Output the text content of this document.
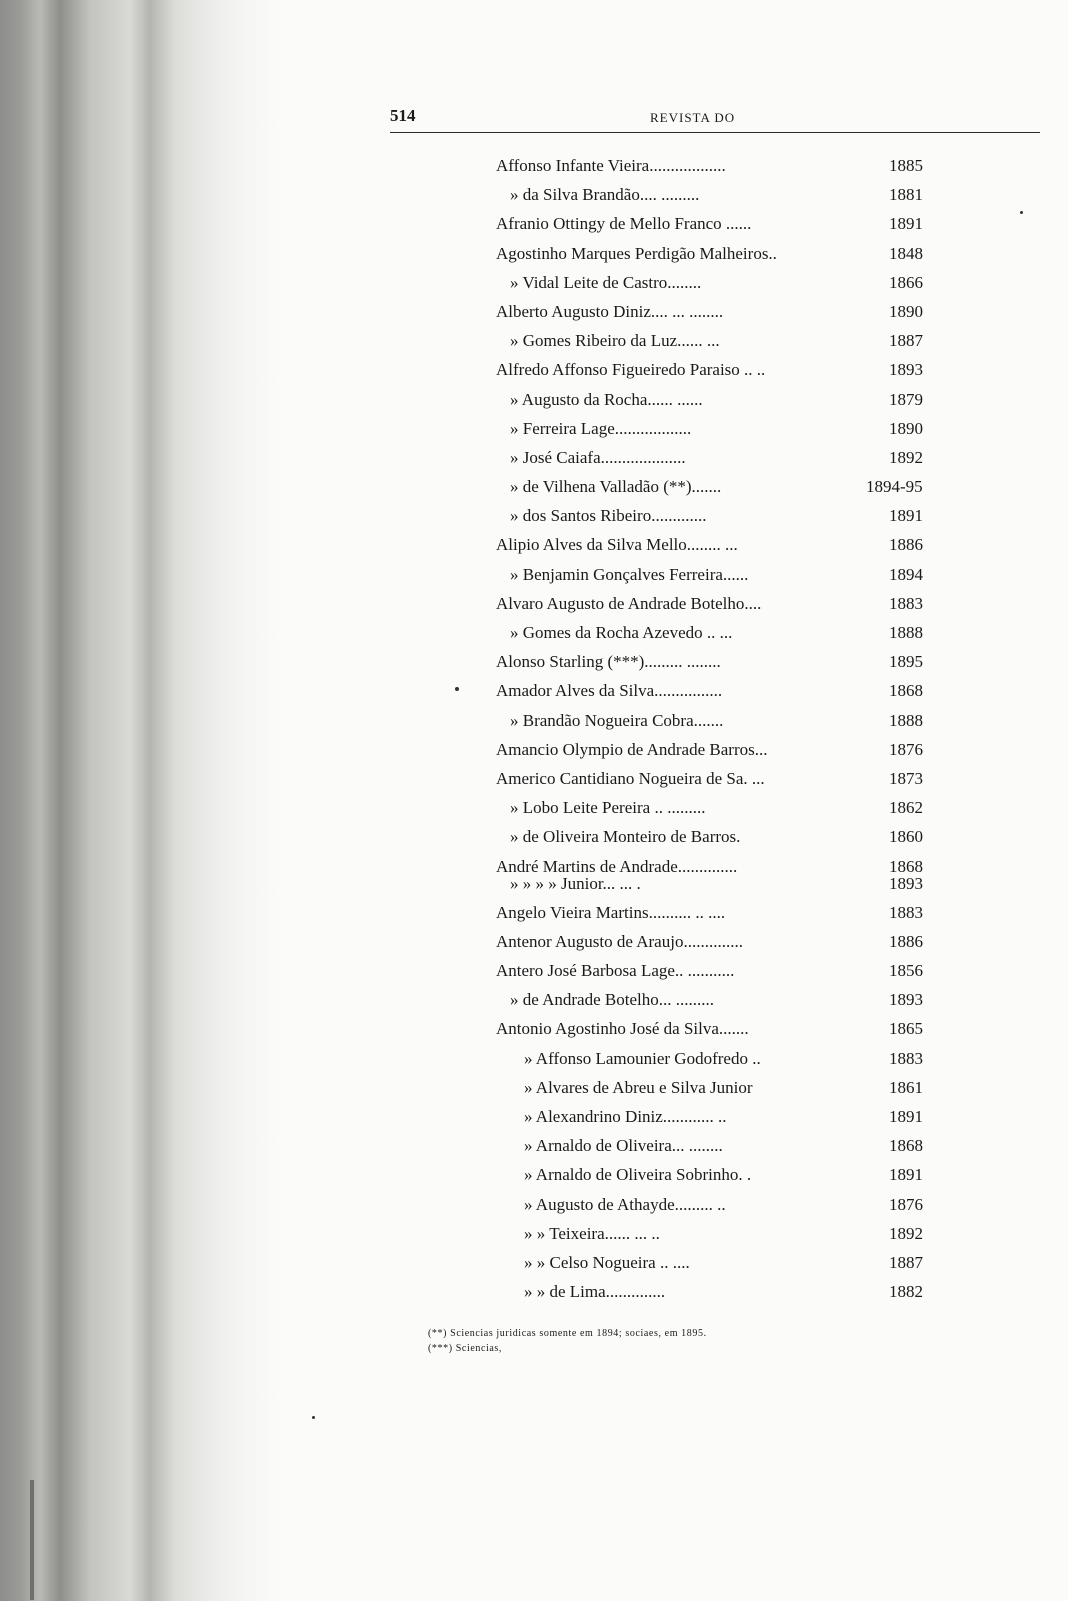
514	REVISTA DO
Affonso Infante Vieira..................	1885
» da Silva Brandão.... .........	1881
Afranio Ottingy de Mello Franco ......	1891
Agostinho Marques Perdigão Malheiros..	1848
» Vidal Leite de Castro........	1866
Alberto Augusto Diniz.... ... ........	1890
» Gomes Ribeiro da Luz...... ...	1887
Alfredo Affonso Figueiredo Paraiso .. ..	1893
» Augusto da Rocha...... ......	1879
» Ferreira Lage..................	1890
» José Caiafa....................	1892
» de Vilhena Valladão (**).......	1894-95
» dos Santos Ribeiro.............	1891
Alipio Alves da Silva Mello........ ...	1886
» Benjamin Gonçalves Ferreira......	1894
Alvaro Augusto de Andrade Botelho....	1883
» Gomes da Rocha Azevedo .. ...	1888
Alonso Starling (***)......... ........	1895
Amador Alves da Silva................	1868
» Brandão Nogueira Cobra.......	1888
Amancio Olympio de Andrade Barros...	1876
Americo Cantidiano Nogueira de Sa. ...	1873
» Lobo Leite Pereira .. .........	1862
» de Oliveira Monteiro de Barros.	1860
André Martins de Andrade..............	1868
» » » » Junior... ... .	1893
Angelo Vieira Martins.......... .. ....	1883
Antenor Augusto de Araujo..............	1886
Antero José Barbosa Lage.. ...........	1856
» de Andrade Botelho... .........	1893
Antonio Agostinho José da Silva.......	1865
» Affonso Lamounier Godofredo ..	1883
» Alvares de Abreu e Silva Junior	1861
» Alexandrino Diniz............ ..	1891
» Arnaldo de Oliveira... ........	1868
» Arnaldo de Oliveira Sobrinho. .	1891
» Augusto de Athayde......... ..	1876
» » Teixeira...... ... ..	1892
» » Celso Nogueira .. ....	1887
» » de Lima..............	1882
(**) Sciencias juridicas somente em 1894; sociaes, em 1895.
(***) Sciencias,
